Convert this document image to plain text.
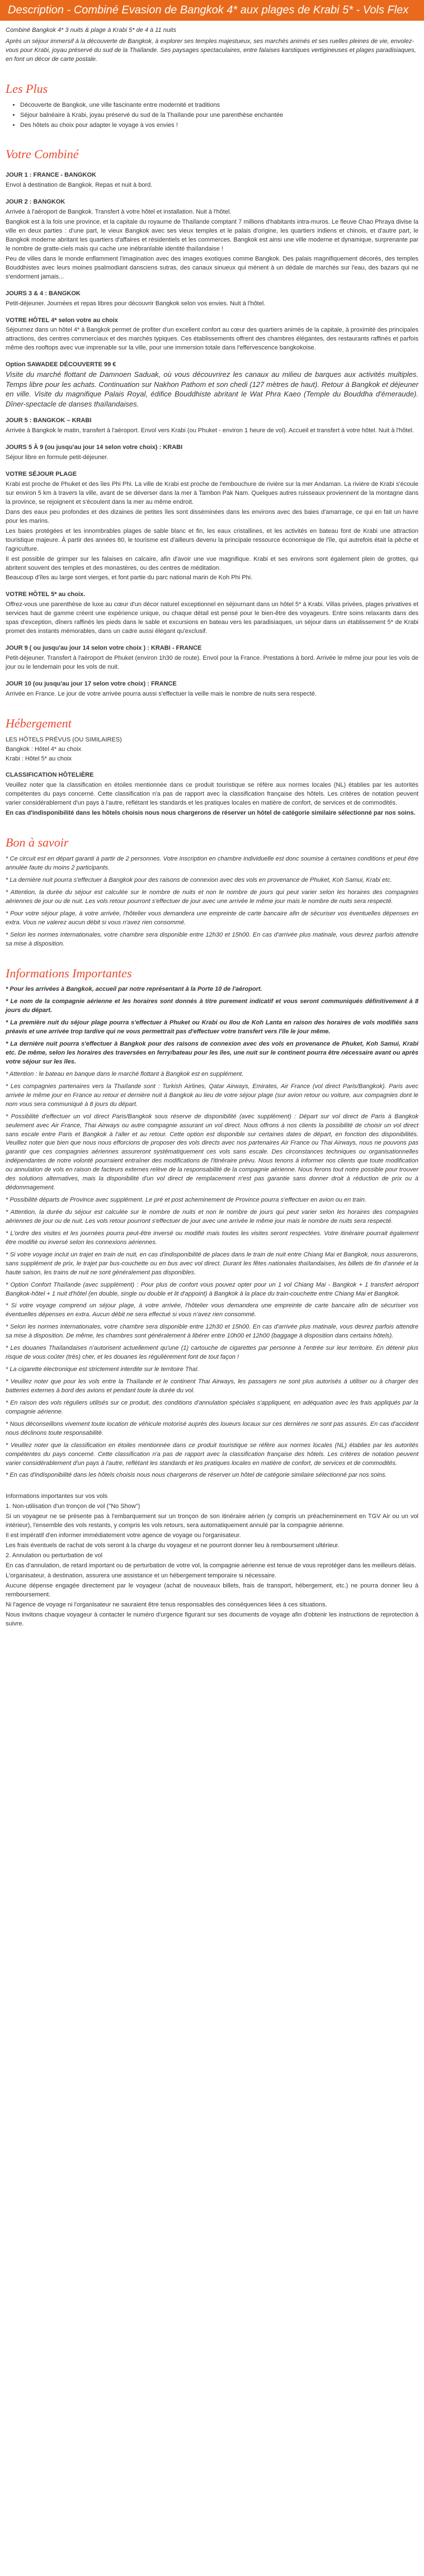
Description - Combiné Evasion de Bangkok 4* aux plages de Krabi 5* - Vols Flex

Combiné Bangkok 4* 3 nuits & plage à Krabi 5* de 4 à 11 nuits

Après un séjour immersif à la découverte de Bangkok, à explorer ses temples majestueux, ses marchés animés et ses ruelles pleines de vie, envolez-vous pour Krabi, joyau préservé du sud de la Thaïlande. Ses paysages spectaculaires, entre falaises karstiques vertigineuses et plages paradisiaques, en font un décor de carte postale.

Les Plus
• Découverte de Bangkok, une ville fascinante entre modernité et traditions
• Séjour balnéaire à Krabi, joyau préservé du sud de la Thaïlande pour une parenthèse enchantée
• Des hôtels au choix pour adapter le voyage à vos envies !
Votre Combiné
JOUR 1 : FRANCE - BANGKOK

Envol à destination de Bangkok. Repas et nuit à bord.

JOUR 2 : BANGKOK

Arrivée à l'aéroport de Bangkok. Transfert à votre hôtel et installation. Nuit à l'hôtel.

Bangkok est à la fois une province, et la capitale du royaume de Thaïlande comptant 7 millions d'habitants intra-muros. Le fleuve Chao Phraya divise la ville en deux parties : d'une part, le vieux Bangkok avec ses vieux temples et le palais d'origine, les quartiers indiens et chinois, et d'autre part, le Bangkok moderne abritant les quartiers d'affaires et résidentiels et les commerces. Bangkok est ainsi une ville moderne et dynamique, surprenante par le nombre de gratte-ciels mais qui cache une inébranlable identité thaïlandaise !

Peu de villes dans le monde enflamment l'imagination avec des images exotiques comme Bangkok. Des palais magnifiquement décorés, des temples Bouddhistes avec leurs moines psalmodiant dansciens sutras, des canaux sinueux qui mènent à un dédale de marchés sur l'eau, des bazars qui ne s'endorment jamais...

JOURS 3 & 4 : BANGKOK

Petit-déjeuner. Journées et repas libres pour découvrir Bangkok selon vos envies. Nuit à l'hôtel.

VOTRE HÔTEL 4* selon votre au choix

Séjournez dans un hôtel 4* à Bangkok permet de profiter d'un excellent confort au cœur des quartiers animés de la capitale, à proximité des principales attractions, des centres commerciaux et des marchés typiques. Ces établissements offrent des chambres élégantes, des restaurants raffinés et parfois même des rooftops avec vue imprenable sur la ville, pour une immersion totale dans l'effervescence bangkokoise.

Option SAWADEE DÉCOUVERTE 99 €
Visite du marché flottant de Damnoen Saduak, où vous découvrirez les canaux au milieu de barques aux activités multiples. Temps libre pour les achats. Continuation sur Nakhon Pathom et son chedi (127 mètres de haut). Retour à Bangkok et déjeuner en ville. Visite du magnifique Palais Royal, édifice Bouddhiste abritant le Wat Phra Kaeo (Temple du Bouddha d'émeraude). Dîner-spectacle de danses thaïlandaises.
JOUR 5 : BANGKOK – KRABI

Arrivée à Bangkok le matin, transfert à l'aéroport. Envol vers Krabi (ou Phuket - environ 1 heure de vol). Accueil et transfert à votre hôtel. Nuit à l'hôtel.

JOURS 5 À 9 (ou jusqu'au jour 14 selon votre choix) : KRABI

Séjour libre en formule petit-déjeuner.

VOTRE SÉJOUR PLAGE

Krabi est proche de Phuket et des îles Phi Phi. La ville de Krabi est proche de l'embouchure de rivière sur la mer Andaman. La rivière de Krabi s'écoule sur environ 5 km à travers la ville, avant de se déverser dans la mer à Tambon Pak Nam. Quelques autres ruisseaux proviennent de la montagne dans la province, se rejoignent et s'écoulent dans la mer au même endroit.

Dans des eaux peu profondes et des dizaines de petites îles sont disséminées dans les environs avec des baies d'amarrage, ce qui en fait un havre pour les marins.

Les baies protégées et les innombrables plages de sable blanc et fin, les eaux cristallines, et les activités en bateau font de Krabi une attraction touristique majeure. À partir des années 80, le tourisme est d'ailleurs devenu la principale ressource économique de l'île, qui autrefois était la pêche et l'agriculture.

Il est possible de grimper sur les falaises en calcaire, afin d'avoir une vue magnifique. Krabi et ses environs sont également plein de grottes, qui abritent souvent des temples et des monastères, ou des centres de méditation.

Beaucoup d'îles au large sont vierges, et font partie du parc national marin de Koh Phi Phi.

VOTRE HÔTEL 5* au choix.

Offrez-vous une parenthèse de luxe au cœur d'un décor naturel exceptionnel en séjournant dans un hôtel 5* à Krabi. Villas privées, plages privatives et services haut de gamme créent une expérience unique, ou chaque détail est pensé pour le bien-être des voyageurs. Entre soins relaxants dans des spas d'exception, dîners raffinés les pieds dans le sable et excursions en bateau vers les paradisiaques, un séjour dans un établissement 5* de Krabi promet des instants mémorables, dans un cadre aussi élégant qu'exclusif.

JOUR 9 ( ou jusqu'au jour 14 selon votre choix ) : KRABI - FRANCE

Petit-déjeuner. Transfert à l'aéroport de Phuket (environ 1h30 de route). Envol pour la France. Prestations à bord. Arrivée le même jour pour les vols de jour ou le lendemain pour les vols de nuit.

JOUR 10 (ou jusqu'au jour 17 selon votre choix) : FRANCE

Arrivée en France. Le jour de votre arrivée pourra aussi s'effectuer la veille mais le nombre de nuits sera respecté.

Hébergement
LES HÔTELS PRÉVUS (OU SIMILAIRES)
Bangkok : Hôtel 4* au choix
Krabi : Hôtel 5* au choix
CLASSIFICATION HÔTELIÈRE

Veuillez noter que la classification en étoiles mentionnée dans ce produit touristique se réfère aux normes locales (NL) établies par les autorités compétentes du pays concerné. Cette classification n'a pas de rapport avec la classification française des hôtels. Les critères de notation peuvent varier considérablement d'un pays à l'autre, reflétant les standards et les pratiques locales en matière de confort, de services et de commodités.

En cas d'indisponibilité dans les hôtels choisis nous nous chargerons de réserver un hôtel de catégorie similaire sélectionné par nos soins.
Bon à savoir

* Ce circuit est en départ garanti à partir de 2 personnes. Votre inscription en chambre individuelle est donc soumise à certaines conditions et peut être annulée faute du moins 2 participants.

* La dernière nuit pourra s'effectuer à Bangkok pour des raisons de connexion avec des vols en provenance de Phuket, Koh Samui, Krabi etc.

* Attention, la durée du séjour est calculée sur le nombre de nuits et non le nombre de jours qui peut varier selon les horaires des compagnies aériennes de jour ou de nuit. Les vols retour pourront s'effectuer de jour avec une arrivée le même jour mais le nombre de nuits sera respecté.

* Pour votre séjour plage, à votre arrivée, l'hôtelier vous demandera une empreinte de carte bancaire afin de sécuriser vos éventuelles dépenses en extra. Vous ne valerez aucun débit si vous n'avez rien consommé.

* Selon les normes internationales, votre chambre sera disponible entre 12h30 et 15h00. En cas d'arrivée plus matinale, vous devrez parfois attendre sa mise à disposition.

Informations Importantes

* Pour les arrivées à Bangkok, accueil par notre représentant à la Porte 10 de l'aéroport.

* Le nom de la compagnie aérienne et les horaires sont donnés à titre purement indicatif et vous seront communiqués définitivement à 8 jours du départ.

* La première nuit du séjour plage pourra s'effectuer à Phuket ou Krabi ou Ilou de Koh Lanta en raison des horaires de vols modifiés sans préavis et une arrivée trop tardive qui ne vous permettrait pas d'effectuer votre transfert vers l'île le jour même.

* La dernière nuit pourra s'effectuer à Bangkok pour des raisons de connexion avec des vols en provenance de Phuket, Koh Samui, Krabi etc. De même, selon les horaires des traversées en ferry/bateau pour les îles, une nuit sur le continent pourra être nécessaire avant ou après votre séjour sur les îles.

* Attention : le bateau en banque dans le marché flottant à Bangkok est en supplément.

* Les compagnies partenaires vers la Thaïlande sont : Turkish Airlines, Qatar Airways, Emirates, Air France (vol direct Paris/Bangkok). Paris avec arrivée le même jour en France au retour et dernière nuit à Bangkok au lieu de votre séjour plage (sur avion retour ou voiture, aux compagnies dont le nom vous sera communiqué à 8 jours du départ.

* Possibilité d'effectuer un vol direct Paris/Bangkok sous réserve de disponibilité (avec supplément) : Départ sur vol direct de Paris à Bangkok seulement avec Air France, Thai Airways ou autre compagnie assurant un vol direct. Nous offrons à nos clients la possibilité de choisir un vol direct sans escale entre Paris et Bangkok à l'aller et au retour. Cette option est disponible sur certaines dates de départ, en fonction des disponibilités. Veuillez noter que bien que nous nous efforcions de proposer des vols directs avec nos partenaires Air France ou Thai Airways, nous ne pouvons pas garantir que ces compagnies aériennes assureront systématiquement ces vols sans escale. Des circonstances techniques ou organisationnelles indépendantes de notre volonté pourraient entraîner des modifications de l'itinéraire prévu. Nous tenons à informer nos clients que toute modification ou annulation de vols en raison de facteurs externes relève de la responsabilité de la compagnie aérienne. Nous ferons tout notre possible pour trouver des solutions alternatives, mais la disponibilité d'un vol direct de remplacement n'est pas garantie sans donner droit à réduction de prix ou à dédommagement.

* Possibilité départs de Province avec supplément. Le pré et post acheminement de Province pourra s'effectuer en avion ou en train.

* Attention, la durée du séjour est calculée sur le nombre de nuits et non le nombre de jours qui peut varier selon les horaires des compagnies aériennes de jour ou de nuit. Les vols retour pourront s'effectuer de jour avec une arrivée le même jour mais le nombre de nuits sera respecté.

* L'ordre des visites et les journées pourra peut-être inversé ou modifié mais toutes les visites seront respectées. Votre itinéraire pourrait également être modifié ou inversé selon les connexions aériennes.

* Si votre voyage inclut un trajet en train de nuit, en cas d'indisponibilité de places dans le train de nuit entre Chiang Mai et Bangkok, nous assurerons, sans supplément de prix, le trajet par bus-couchette ou en bus avec vol direct. Durant les fêtes nationales thaïlandaises, les billets de fin d'année et la haute saison, les trains de nuit ne sont généralement pas disponibles.

* Option Confort Thaïlande (avec supplément) : Pour plus de confort vous pouvez opter pour un 1 vol Chiang Mai - Bangkok + 1 transfert aéroport Bangkok-hôtel + 1 nuit d'hôtel (en double, single ou double et lit d'appoint) à Bangkok à la place du train-couchette entre Chiang Mai et Bangkok.

* Si votre voyage comprend un séjour plage, à votre arrivée, l'hôtelier vous demandera une empreinte de carte bancaire afin de sécuriser vos éventuelles dépenses en extra. Aucun débit ne sera effectué si vous n'avez rien consommé.

* Selon les normes internationales, votre chambre sera disponible entre 12h30 et 15h00. En cas d'arrivée plus matinale, vous devrez parfois attendre sa mise à disposition. De même, les chambres sont généralement à libérer entre 10h00 et 12h00 (baggage à disposition dans certains hôtels).

* Les douanes Thaïlandaises n'autorisent actuellement qu'une (1) cartouche de cigarettes par personne à l'entrée sur leur territoire. En détenir plus risque de vous coûter (très) cher, et les douanes les régulièrement font de tout façon !

* La cigarette électronique est strictement interdite sur le territoire Thaï.

* Veuillez noter que pour les vols entre la Thaïlande et le continent Thai Airways, les passagers ne sont plus autorisés à utiliser ou à charger des batteries externes à bord des avions et pendant toute la durée du vol.

* En raison des vols réguliers utilisés sur ce produit, des conditions d'annulation spéciales s'appliquent, en adéquation avec les frais appliqués par la compagnie aérienne.

* Nous déconseillons vivement toute location de véhicule motorisé auprès des loueurs locaux sur ces dernières ne sont pas assurés. En cas d'accident nous déclinons toute responsabilité.

* Veuillez noter que la classification en étoiles mentionnée dans ce produit touristique se réfère aux normes locales (NL) établies par les autorités compétentes du pays concerné. Cette classification n'a pas de rapport avec la classification française des hôtels. Les critères de notation peuvent varier considérablement d'un pays à l'autre, reflétant les standards et les pratiques locales en matière de confort, de services et de commodités.

* En cas d'indisponibilité dans les hôtels choisis nous nous chargerons de réserver un hôtel de catégorie similaire sélectionné par nos soins.

Informations importantes sur vos vols

1. Non-utilisation d'un tronçon de vol ("No Show")

Si un voyageur ne se présente pas à l'embarquement sur un tronçon de son itinéraire aérien (y compris un préacheminement en TGV Air ou un vol intérieur), l'ensemble des vols restants, y compris les vols retours, sera automatiquement annulé par la compagnie aérienne.

Il est impératif d'en informer immédiatement votre agence de voyage ou l'organisateur.

Les frais éventuels de rachat de vols seront à la charge du voyageur et ne pourront donner lieu à remboursement ultérieur.

2. Annulation ou perturbation de vol

En cas d'annulation, de retard important ou de perturbation de votre vol, la compagnie aérienne est tenue de vous reprotéger dans les meilleurs délais.

L'organisateur, à destination, assurera une assistance et un hébergement temporaire si nécessaire.

Aucune dépense engagée directement par le voyageur (achat de nouveaux billets, frais de transport, hébergement, etc.) ne pourra donner lieu à remboursement.

Ni l'agence de voyage ni l'organisateur ne sauraient être tenus responsables des conséquences liées à ces situations.

Nous invitons chaque voyageur à contacter le numéro d'urgence figurant sur ses documents de voyage afin d'obtenir les instructions de reprotection à suivre.
